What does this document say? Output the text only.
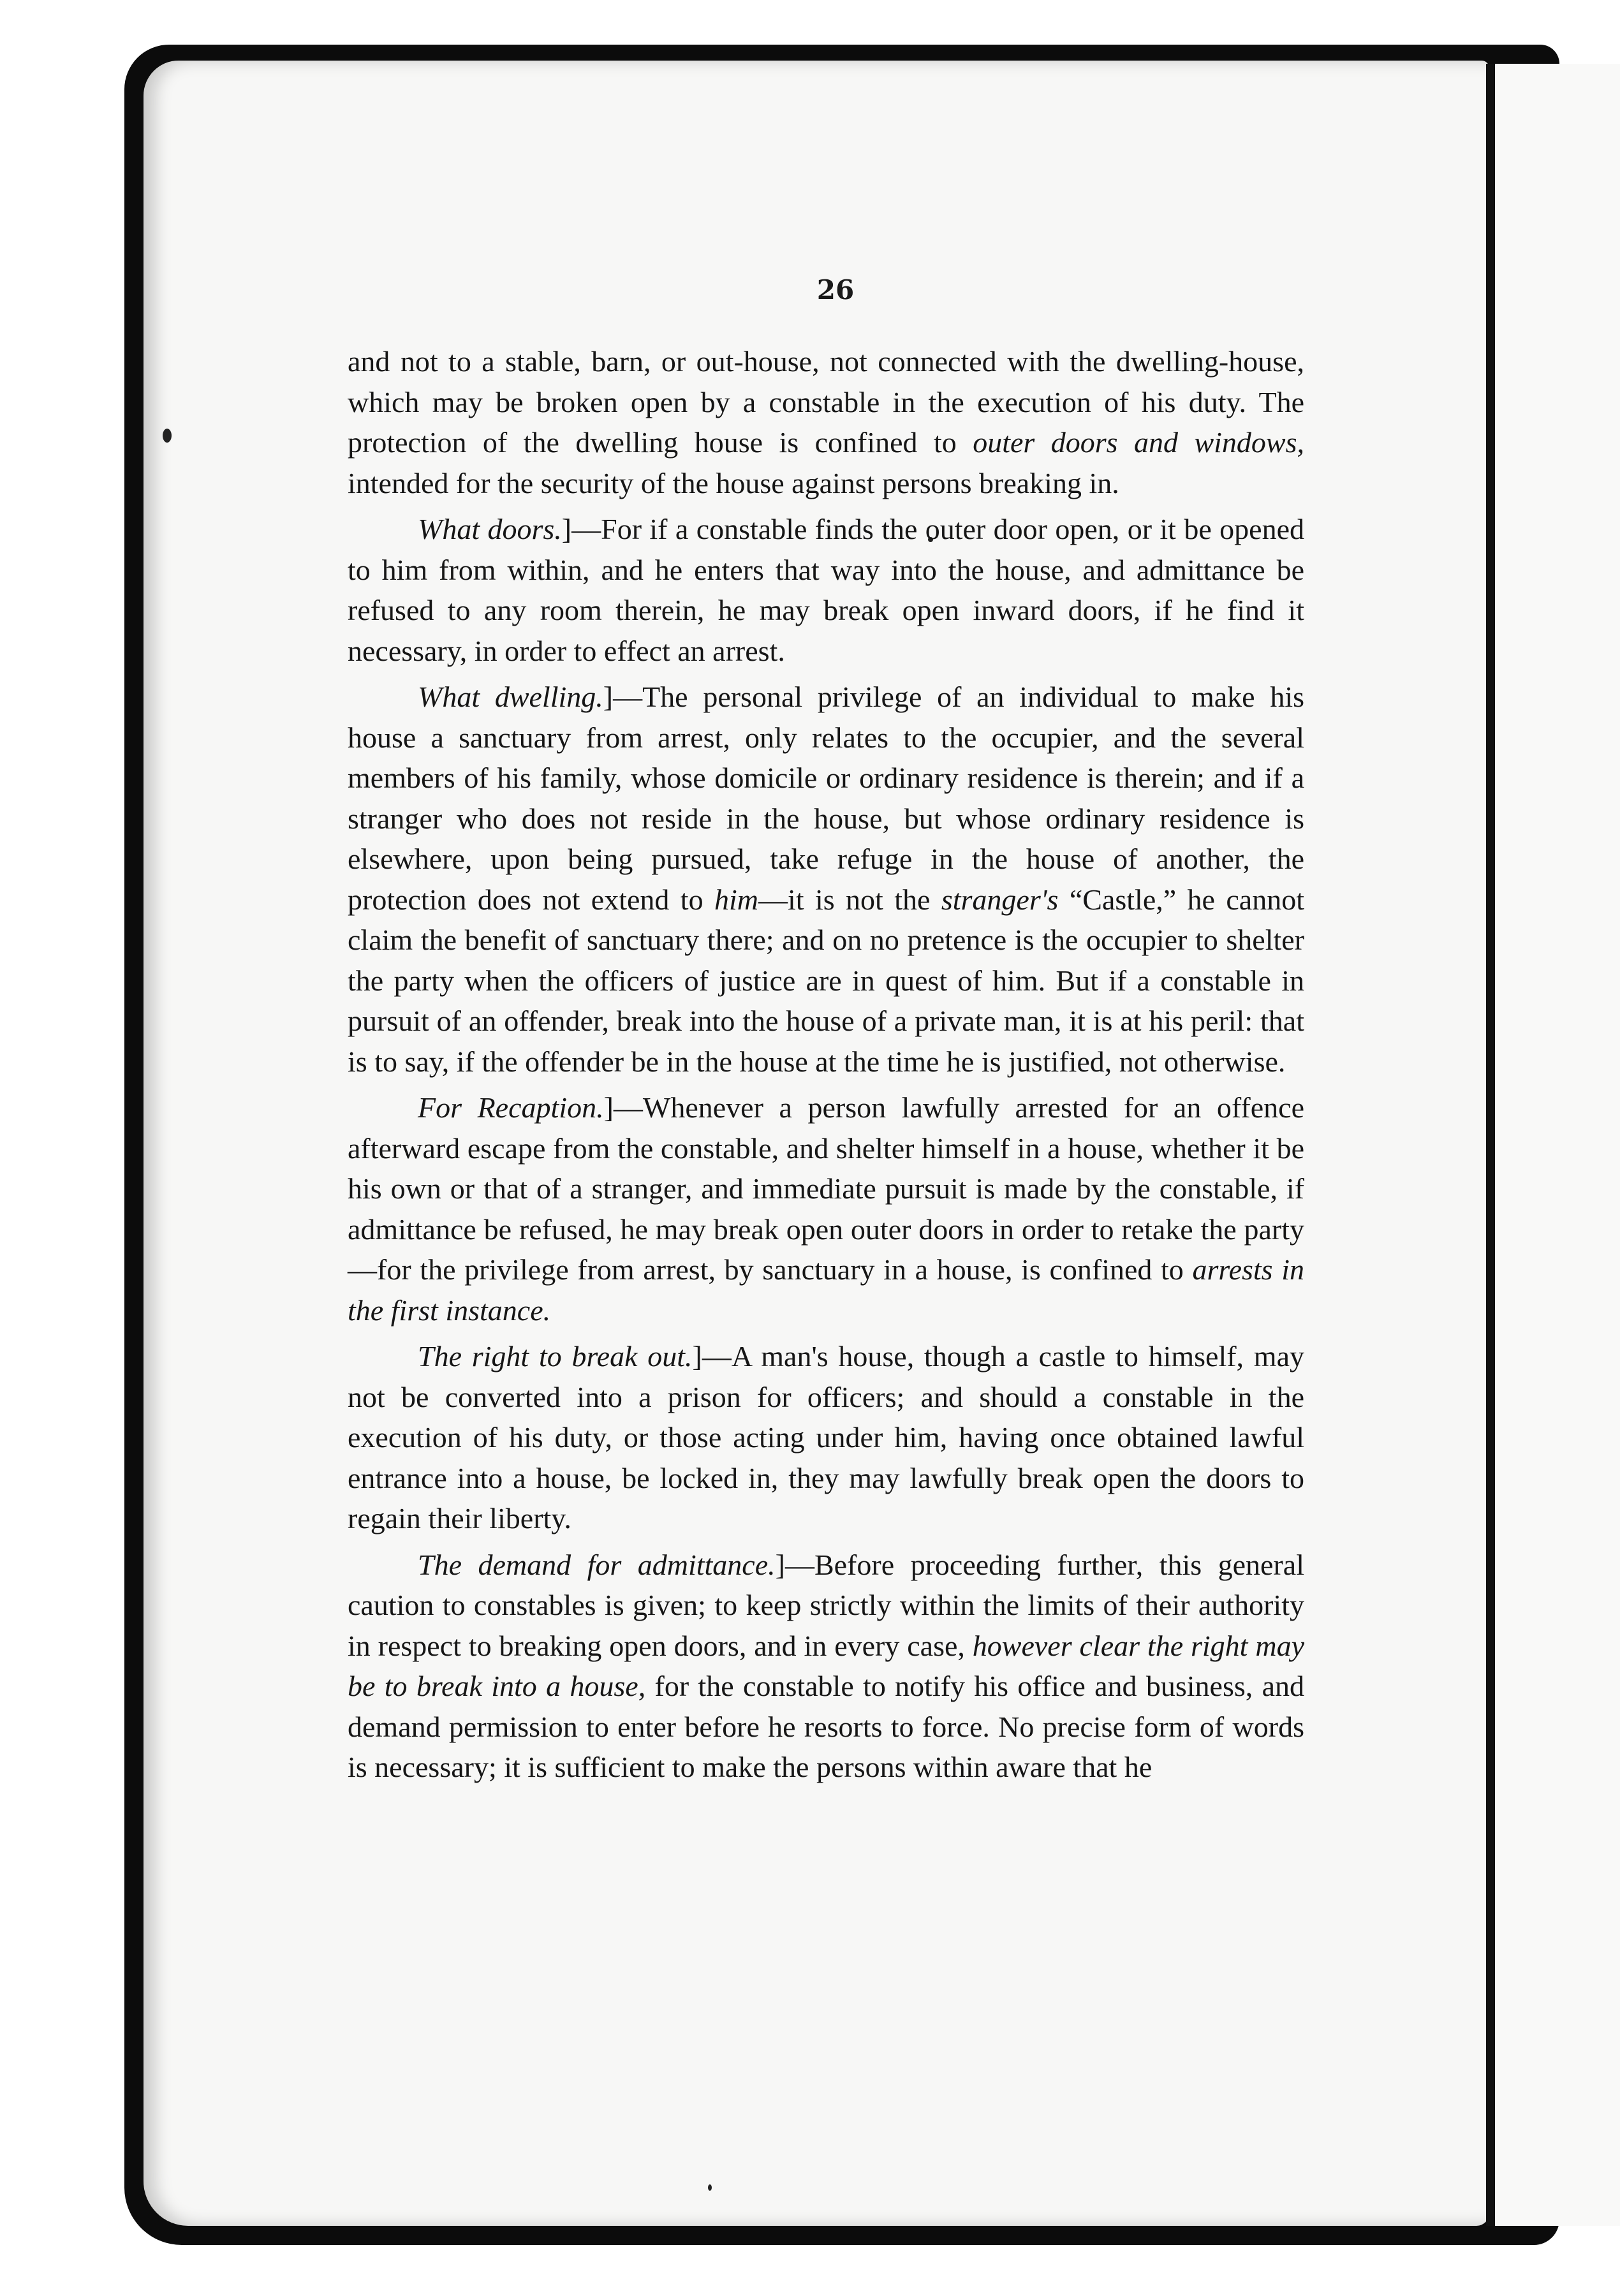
26

and not to a stable, barn, or out-house, not connected with the dwelling-house, which may be broken open by a constable in the execution of his duty. The protection of the dwelling house is confined to outer doors and windows, intended for the security of the house against persons breaking in.

What doors.]—For if a constable finds the outer door open, or it be opened to him from within, and he enters that way into the house, and admittance be refused to any room therein, he may break open inward doors, if he find it necessary, in order to effect an arrest.

What dwelling.]—The personal privilege of an individual to make his house a sanctuary from arrest, only relates to the occupier, and the several members of his family, whose domicile or ordinary residence is therein; and if a stranger who does not reside in the house, but whose ordinary residence is elsewhere, upon being pursued, take refuge in the house of another, the protection does not extend to him—it is not the stranger's “Castle,” he cannot claim the benefit of sanctuary there; and on no pretence is the occupier to shelter the party when the officers of justice are in quest of him. But if a constable in pursuit of an offender, break into the house of a private man, it is at his peril: that is to say, if the offender be in the house at the time he is justified, not otherwise.

For Recaption.]—Whenever a person lawfully arrested for an offence afterward escape from the constable, and shelter himself in a house, whether it be his own or that of a stranger, and immediate pursuit is made by the constable, if admittance be refused, he may break open outer doors in order to retake the party—for the privilege from arrest, by sanctuary in a house, is confined to arrests in the first instance.

The right to break out.]—A man's house, though a castle to himself, may not be converted into a prison for officers; and should a constable in the execution of his duty, or those acting under him, having once obtained lawful entrance into a house, be locked in, they may lawfully break open the doors to regain their liberty.

The demand for admittance.]—Before proceeding further, this general caution to constables is given; to keep strictly within the limits of their authority in respect to breaking open doors, and in every case, however clear the right may be to break into a house, for the constable to notify his office and business, and demand permission to enter before he resorts to force. No precise form of words is necessary; it is sufficient to make the persons within aware that he
